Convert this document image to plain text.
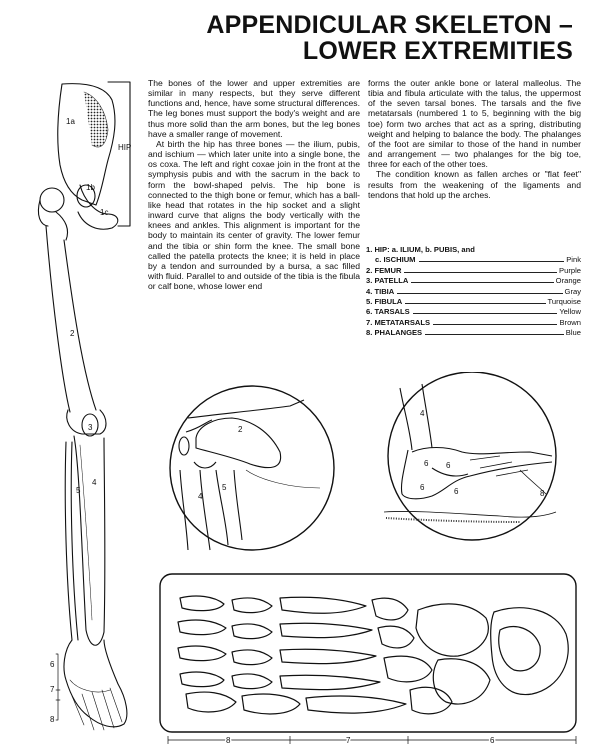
APPENDICULAR SKELETON –
LOWER EXTREMITIES

The bones of the lower and upper extremities are similar in many respects, but they serve different functions and, hence, have some structural differences. The leg bones must support the body's weight and are thus more solid than the arm bones, but the leg bones have a smaller range of movement.

At birth the hip has three bones — the ilium, pubis, and ischium — which later unite into a single bone, the os coxa. The left and right coxae join in the front at the symphysis pubis and with the sacrum in the back to form the bowl-shaped pelvis. The hip bone is connected to the thigh bone or femur, which has a ball-like head that rotates in the hip socket and a slight inward curve that aligns the body vertically with the knees and ankles. This alignment is important for the body to maintain its center of gravity. The lower femur and the tibia or shin form the knee. The small bone called the patella protects the knee; it is held in place by a tendon and surrounded by a bursa, a sac filled with fluid. Parallel to and outside of the tibia is the fibula or calf bone, whose lower end

forms the outer ankle bone or lateral malleolus. The tibia and fibula articulate with the talus, the uppermost of the seven tarsal bones. The tarsals and the five metatarsals (numbered 1 to 5, beginning with the big toe) form two arches that act as a spring, distributing weight and helping to balance the body. The phalanges of the foot are similar to those of the hand in number and arrangement — two phalanges for the big toe, three for each of the other toes.

The condition known as fallen arches or "flat feet" results from the weakening of the ligaments and tendons that hold up the arches.

1. HIP: a. ILIUM, b. PUBIS, and
c. ISCHIUM	Pink
2. FEMUR	Purple
3. PATELLA	Orange
4. TIBIA	Gray
5. FIBULA	Turquoise
6. TARSALS	Yellow
7. METATARSALS	Brown
8. PHALANGES	Blue
HIP
1a
1b
1c
2
3
4
5
6
7
8
2
4
5
4
6 6
6	6	8
8	7	6
